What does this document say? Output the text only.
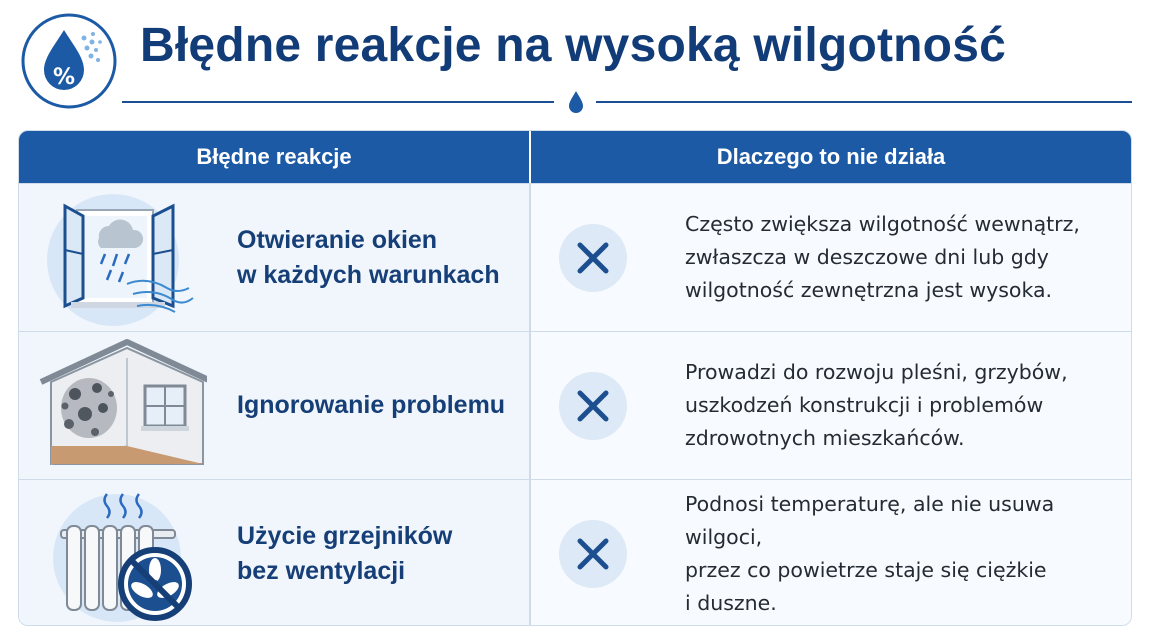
%
Błędne reakcje na wysoką wilgotność
Błędne reakcje	Dlaczego to nie działa
Otwieranie okien
w każdych warunkach
Często zwiększa wilgotność wewnątrz,
zwłaszcza w deszczowe dni lub gdy
wilgotność zewnętrzna jest wysoka.
Ignorowanie problemu
Prowadzi do rozwoju pleśni, grzybów,
uszkodzeń konstrukcji i problemów
zdrowotnych mieszkańców.
Użycie grzejników
bez wentylacji
Podnosi temperaturę, ale nie usuwa wilgoci,
przez co powietrze staje się ciężkie
i duszne.
